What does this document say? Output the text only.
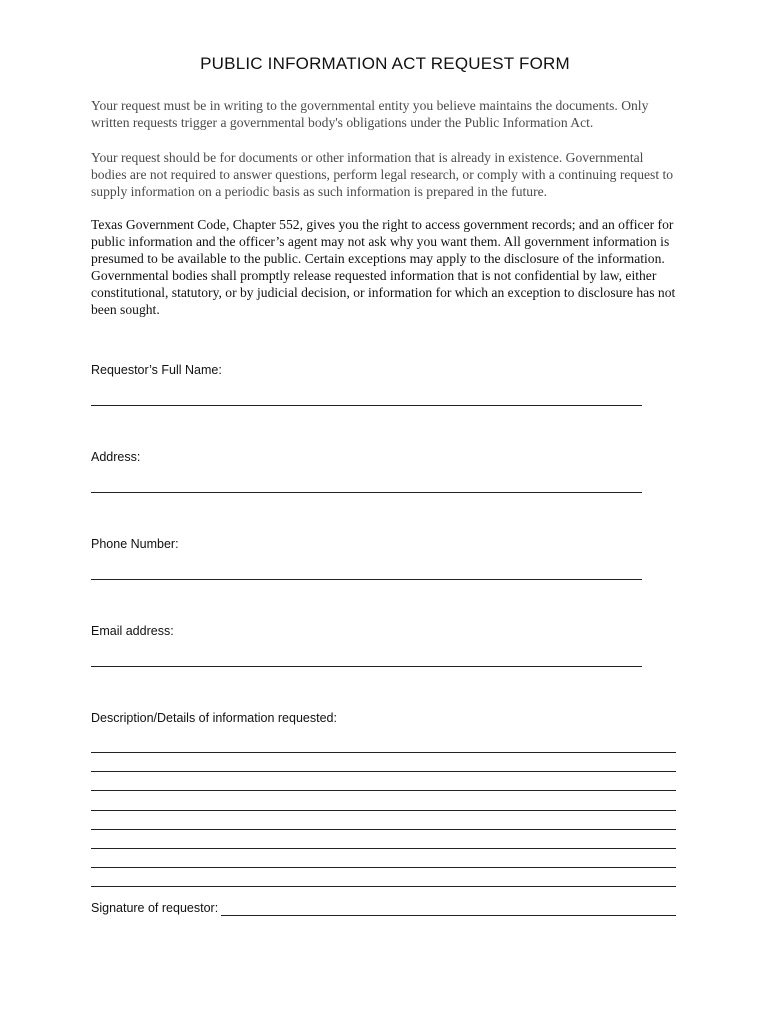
PUBLIC INFORMATION ACT REQUEST FORM

Your request must be in writing to the governmental entity you believe maintains the documents. Only written requests trigger a governmental body's obligations under the Public Information Act.

Your request should be for documents or other information that is already in existence. Governmental bodies are not required to answer questions, perform legal research, or comply with a continuing request to supply information on a periodic basis as such information is prepared in the future.

Texas Government Code, Chapter 552, gives you the right to access government records; and an officer for public information and the officer’s agent may not ask why you want them. All government information is presumed to be available to the public. Certain exceptions may apply to the disclosure of the information. Governmental bodies shall promptly release requested information that is not confidential by law, either constitutional, statutory, or by judicial decision, or information for which an exception to disclosure has not been sought.

Requestor’s Full Name:
Address:
Phone Number:
Email address:
Description/Details of information requested:
Signature of requestor:
